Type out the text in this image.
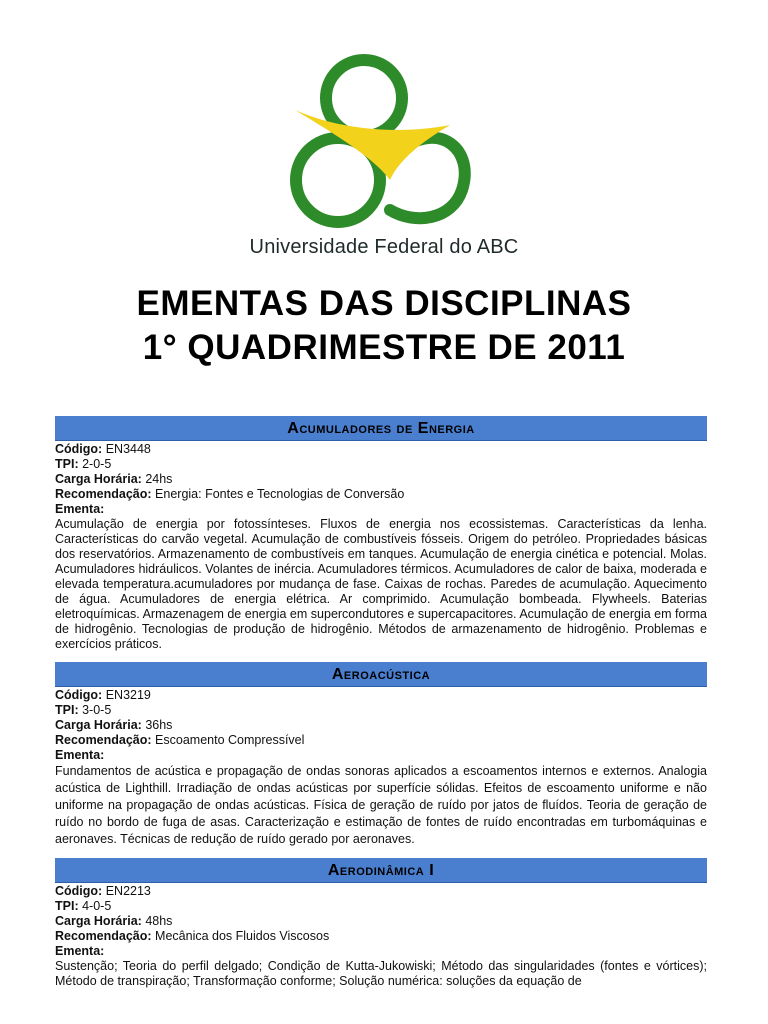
Universidade Federal do ABC
EMENTAS DAS DISCIPLINAS
1° QUADRIMESTRE DE 2011
Acumuladores de Energia
Código: EN3448
TPI: 2-0-5
Carga Horária: 24hs
Recomendação: Energia: Fontes e Tecnologias de Conversão
Ementa:
Acumulação de energia por fotossínteses. Fluxos de energia nos ecossistemas. Características da lenha. Características do carvão vegetal. Acumulação de combustíveis fósseis. Origem do petróleo. Propriedades básicas dos reservatórios. Armazenamento de combustíveis em tanques. Acumulação de energia cinética e potencial. Molas. Acumuladores hidráulicos. Volantes de inércia. Acumuladores térmicos. Acumuladores de calor de baixa, moderada e elevada temperatura.acumuladores por mudança de fase. Caixas de rochas. Paredes de acumulação. Aquecimento de água. Acumuladores de energia elétrica. Ar comprimido. Acumulação bombeada. Flywheels. Baterias eletroquímicas. Armazenagem de energia em supercondutores e supercapacitores. Acumulação de energia em forma de hidrogênio. Tecnologias de produção de hidrogênio. Métodos de armazenamento de hidrogênio. Problemas e exercícios práticos.
Aeroacústica
Código: EN3219
TPI: 3-0-5
Carga Horária: 36hs
Recomendação: Escoamento Compressível
Ementa:
Fundamentos de acústica e propagação de ondas sonoras aplicados a escoamentos internos e externos. Analogia acústica de Lighthill. Irradiação de ondas acústicas por superfície sólidas. Efeitos de escoamento uniforme e não uniforme na propagação de ondas acústicas. Física de geração de ruído por jatos de fluídos. Teoria de geração de ruído no bordo de fuga de asas. Caracterização e estimação de fontes de ruído encontradas em turbomáquinas e aeronaves. Técnicas de redução de ruído gerado por aeronaves.
Aerodinâmica I
Código: EN2213
TPI: 4-0-5
Carga Horária: 48hs
Recomendação: Mecânica dos Fluidos Viscosos
Ementa:
Sustenção; Teoria do perfil delgado; Condição de Kutta-Jukowiski; Método das singularidades (fontes e vórtices); Método de transpiração; Transformação conforme; Solução numérica: soluções da equação de
